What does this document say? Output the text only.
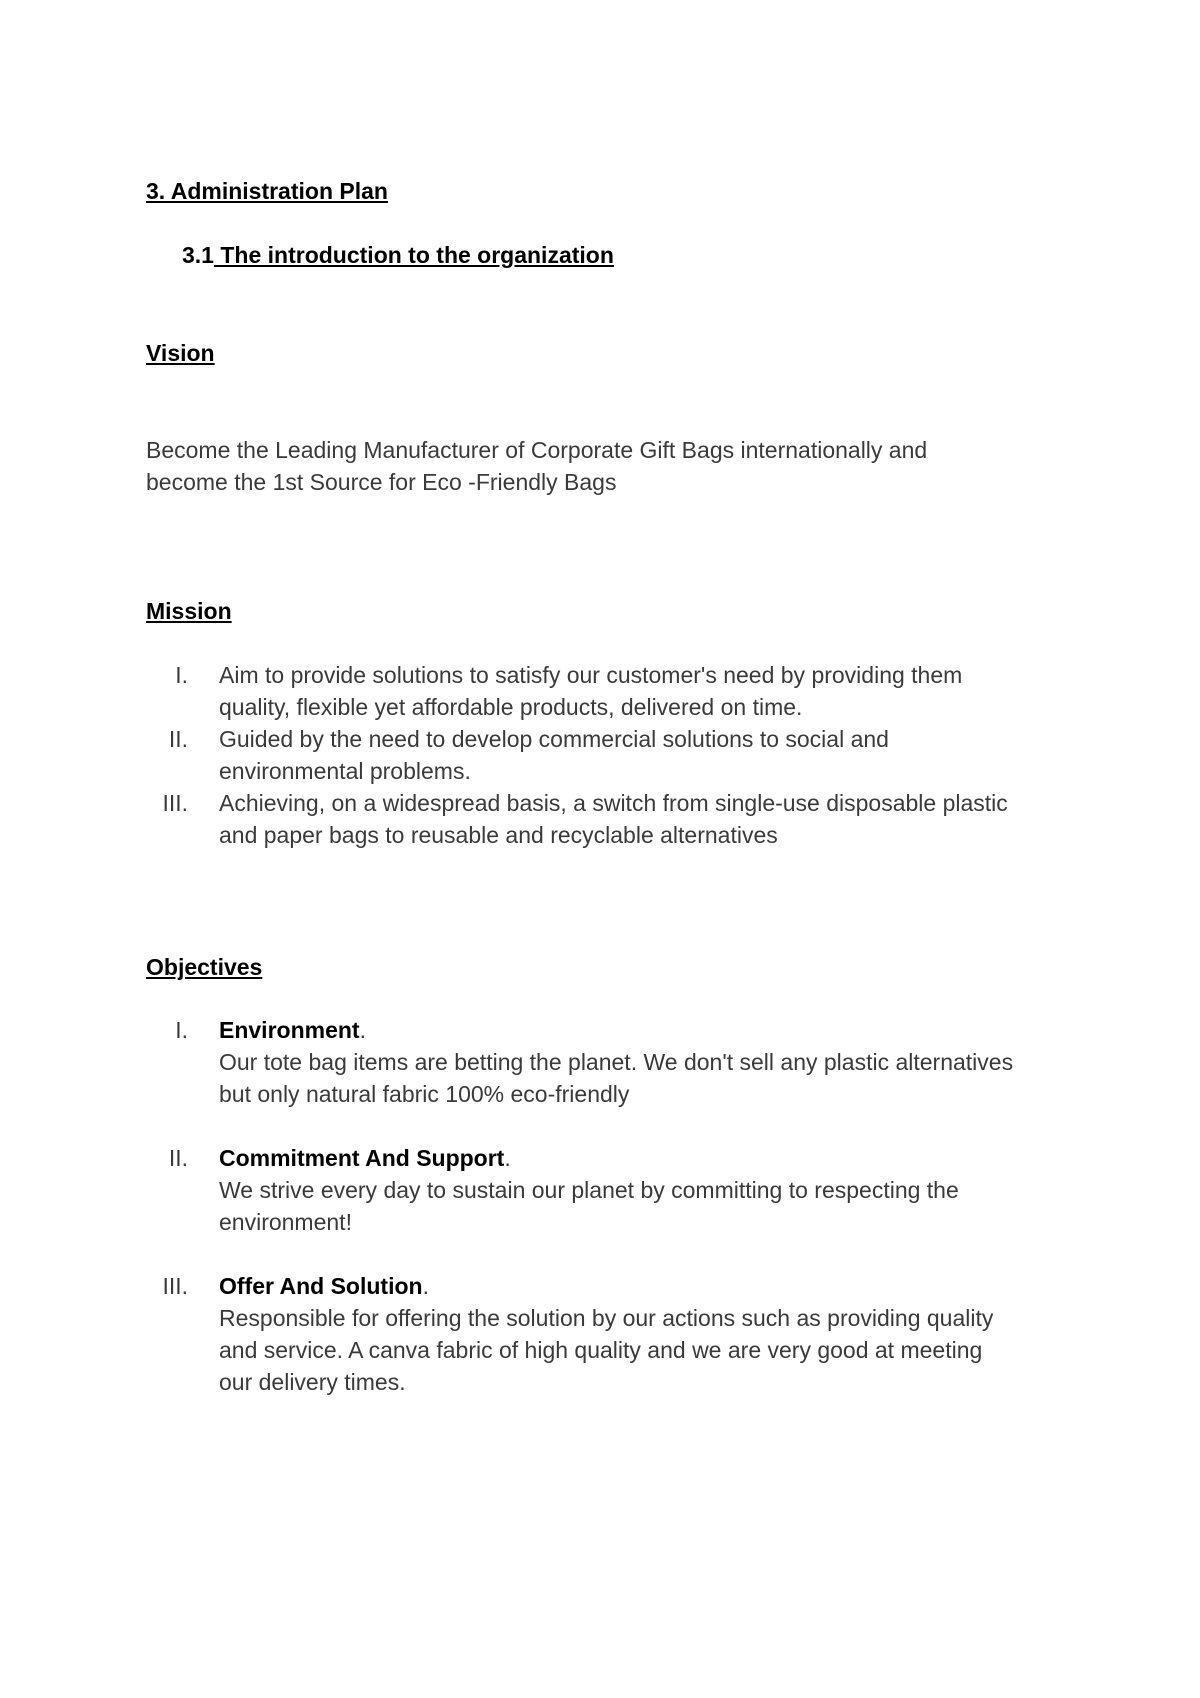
3. Administration Plan

3.1 The introduction to the organization

Vision

Become the Leading Manufacturer of Corporate Gift Bags internationally and
become the 1st Source for Eco -Friendly Bags

Mission

I. Aim to provide solutions to satisfy our customer's need by providing them
quality, flexible yet affordable products, delivered on time.
II. Guided by the need to develop commercial solutions to social and
environmental problems.
III. Achieving, on a widespread basis, a switch from single-use disposable plastic
and paper bags to reusable and recyclable alternatives

Objectives

I. Environment.
Our tote bag items are betting the planet. We don't sell any plastic alternatives
but only natural fabric 100% eco-friendly
II. Commitment And Support.
We strive every day to sustain our planet by committing to respecting the
environment!
III. Offer And Solution.
Responsible for offering the solution by our actions such as providing quality
and service. A canva fabric of high quality and we are very good at meeting
our delivery times.
